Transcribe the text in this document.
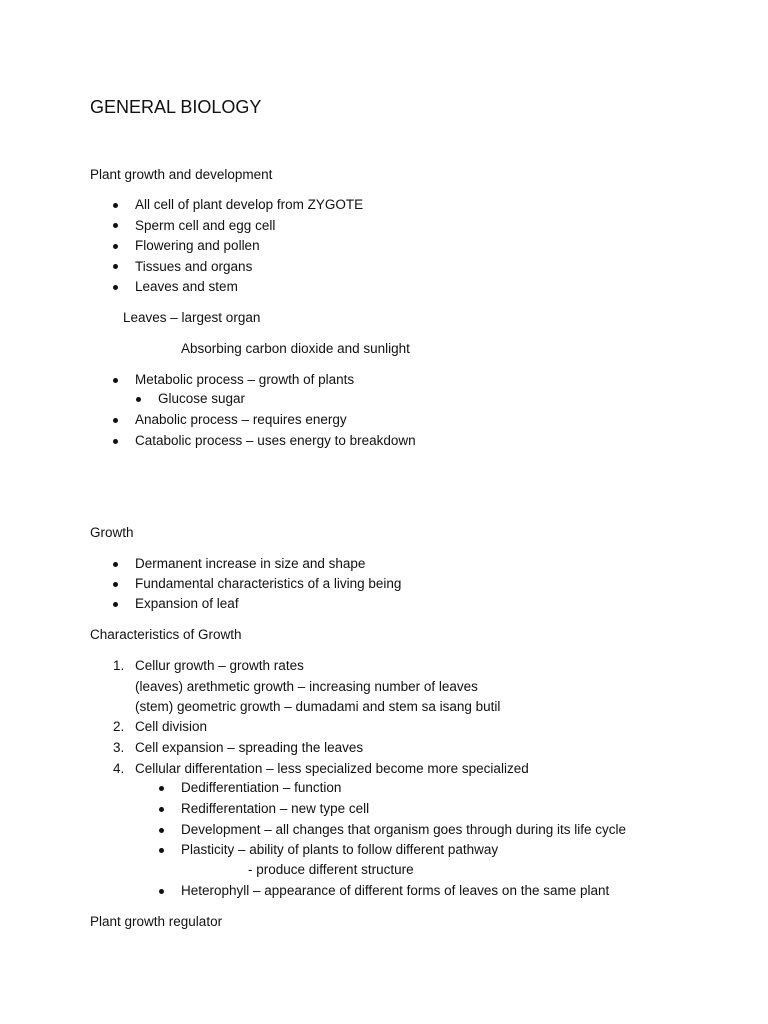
GENERAL BIOLOGY
Plant growth and development
All cell of plant develop from ZYGOTE
Sperm cell and egg cell
Flowering and pollen
Tissues and organs
Leaves and stem
Leaves – largest organ
Absorbing carbon dioxide and sunlight
Metabolic process – growth of plants
Glucose sugar
Anabolic process – requires energy
Catabolic process – uses energy to breakdown
Growth
Dermanent increase in size and shape
Fundamental characteristics of a living being
Expansion of leaf
Characteristics of Growth
1. Cellur growth – growth rates
(leaves) arethmetic growth – increasing number of leaves
(stem) geometric growth – dumadami and stem sa isang butil
2. Cell division
3. Cell expansion – spreading the leaves
4. Cellular differentation – less specialized become more specialized
Dedifferentiation – function
Redifferentation – new type cell
Development – all changes that organism goes through during its life cycle
Plasticity – ability of plants to follow different pathway
- produce different structure
Heterophyll – appearance of different forms of leaves on the same plant
Plant growth regulator
